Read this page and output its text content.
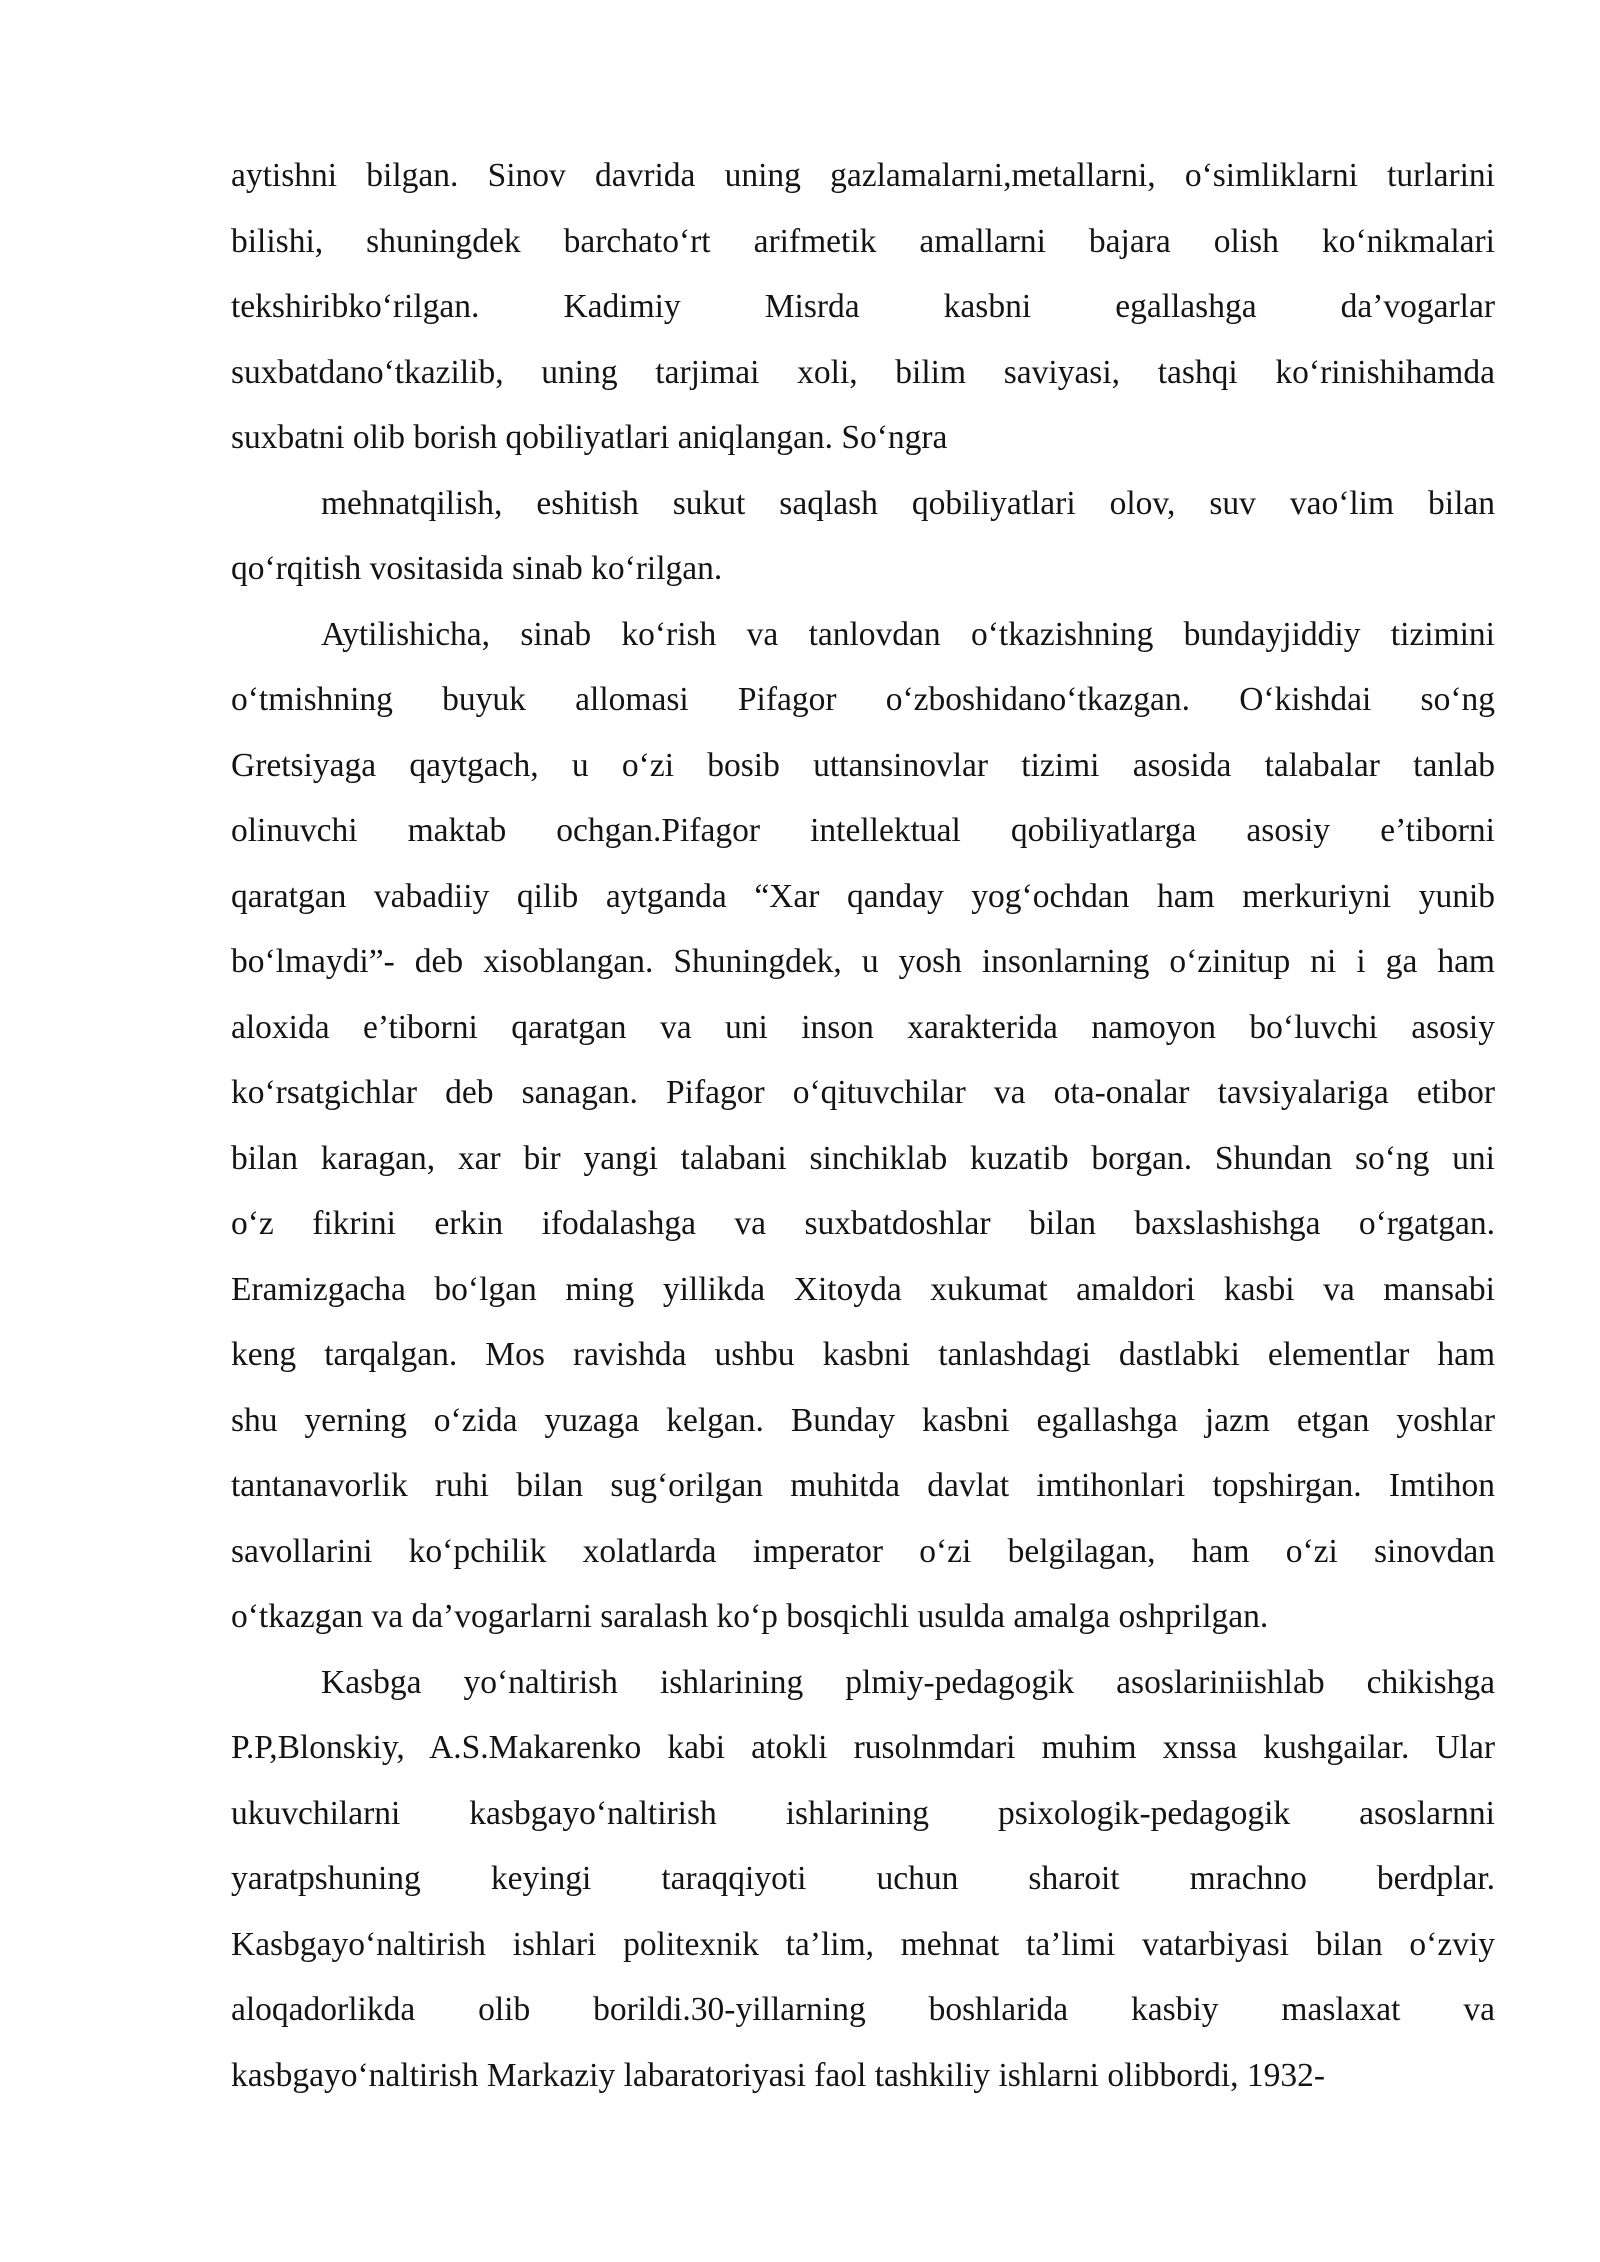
aytishni bilgan. Sinov davrida uning gazlamalarni,metallarni, o‘simliklarni turlarini
bilishi, shuningdek barchato‘rt arifmetik amallarni bajara olish ko‘nikmalari
tekshiribko‘rilgan. Kadimiy Misrda kasbni egallashga da’vogarlar
suxbatdano‘tkazilib, uning tarjimai xoli, bilim saviyasi, tashqi ko‘rinishihamda
suxbatni olib borish qobiliyatlari aniqlangan. So‘ngra
mehnatqilish, eshitish sukut saqlash qobiliyatlari olov, suv vao‘lim bilan
qo‘rqitish vositasida sinab ko‘rilgan.
Aytilishicha, sinab ko‘rish va tanlovdan o‘tkazishning bundayjiddiy tizimini
o‘tmishning buyuk allomasi Pifagor o‘zboshidano‘tkazgan. O‘kishdai so‘ng
Gretsiyaga qaytgach, u o‘zi bosib uttansinovlar tizimi asosida talabalar tanlab
olinuvchi maktab ochgan.Pifagor intellektual qobiliyatlarga asosiy e’tiborni
qaratgan vabadiiy qilib aytganda “Xar qanday yog‘ochdan ham merkuriyni yunib
bo‘lmaydi”- deb xisoblangan. Shuningdek, u yosh insonlarning o‘zinitup ni i ga ham
aloxida e’tiborni qaratgan va uni inson xarakterida namoyon bo‘luvchi asosiy
ko‘rsatgichlar deb sanagan. Pifagor o‘qituvchilar va ota-onalar tavsiyalariga etibor
bilan karagan, xar bir yangi talabani sinchiklab kuzatib borgan. Shundan so‘ng uni
o‘z fikrini erkin ifodalashga va suxbatdoshlar bilan baxslashishga o‘rgatgan.
Eramizgacha bo‘lgan ming yillikda Xitoyda xukumat amaldori kasbi va mansabi
keng tarqalgan. Mos ravishda ushbu kasbni tanlashdagi dastlabki elementlar ham
shu yerning o‘zida yuzaga kelgan. Bunday kasbni egallashga jazm etgan yoshlar
tantanavorlik ruhi bilan sug‘orilgan muhitda davlat imtihonlari topshirgan. Imtihon
savollarini ko‘pchilik xolatlarda imperator o‘zi belgilagan, ham o‘zi sinovdan
o‘tkazgan va da’vogarlarni saralash ko‘p bosqichli usulda amalga oshprilgan.
Kasbga yo‘naltirish ishlarining plmiy-pedagogik asoslariniishlab chikishga
P.P,Blonskiy, A.S.Makarenko kabi atokli rusolnmdari muhim xnssa kushgailar. Ular
ukuvchilarni kasbgayo‘naltirish ishlarining psixologik-pedagogik asoslarnni
yaratpshuning keyingi taraqqiyoti uchun sharoit mrachno berdplar.
Kasbgayo‘naltirish ishlari politexnik ta’lim, mehnat ta’limi vatarbiyasi bilan o‘zviy
aloqadorlikda olib borildi.30-yillarning boshlarida kasbiy maslaxat va
kasbgayo‘naltirish Markaziy labaratoriyasi faol tashkiliy ishlarni olibbordi, 1932-
